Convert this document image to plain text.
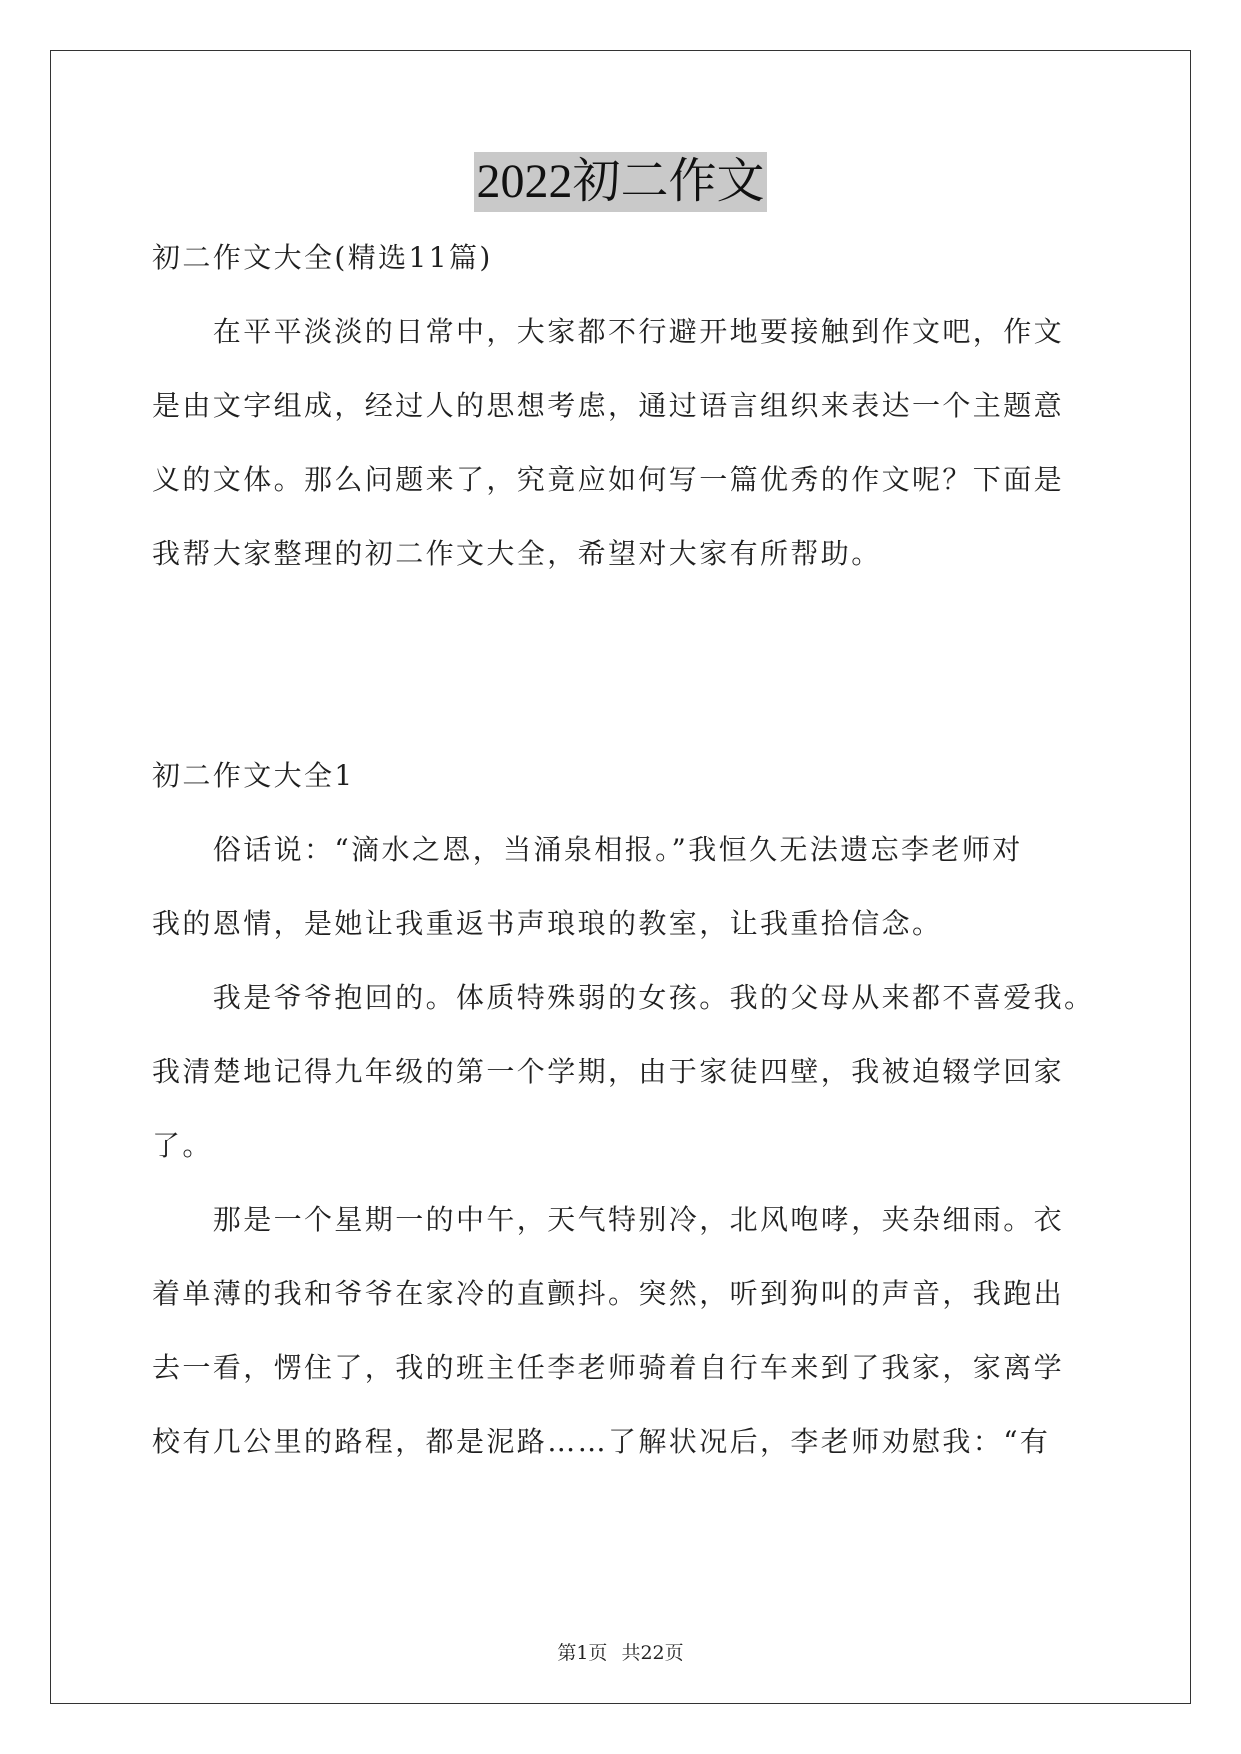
2022初二作文
初二作文大全(精选11篇)
　　在平平淡淡的日常中，大家都不行避开地要接触到作文吧，作文
是由文字组成，经过人的思想考虑，通过语言组织来表达一个主题意
义的文体。那么问题来了，究竟应如何写一篇优秀的作文呢？下面是
我帮大家整理的初二作文大全，希望对大家有所帮助。
初二作文大全1
　　俗话说：“滴水之恩，当涌泉相报。”我恒久无法遗忘李老师对
我的恩情，是她让我重返书声琅琅的教室，让我重拾信念。
　　我是爷爷抱回的。体质特殊弱的女孩。我的父母从来都不喜爱我。
我清楚地记得九年级的第一个学期，由于家徒四壁，我被迫辍学回家
了。
　　那是一个星期一的中午，天气特别冷，北风咆哮，夹杂细雨。衣
着单薄的我和爷爷在家冷的直颤抖。突然，听到狗叫的声音，我跑出
去一看，愣住了，我的班主任李老师骑着自行车来到了我家，家离学
校有几公里的路程，都是泥路……了解状况后，李老师劝慰我：“有
第1页 共22页
